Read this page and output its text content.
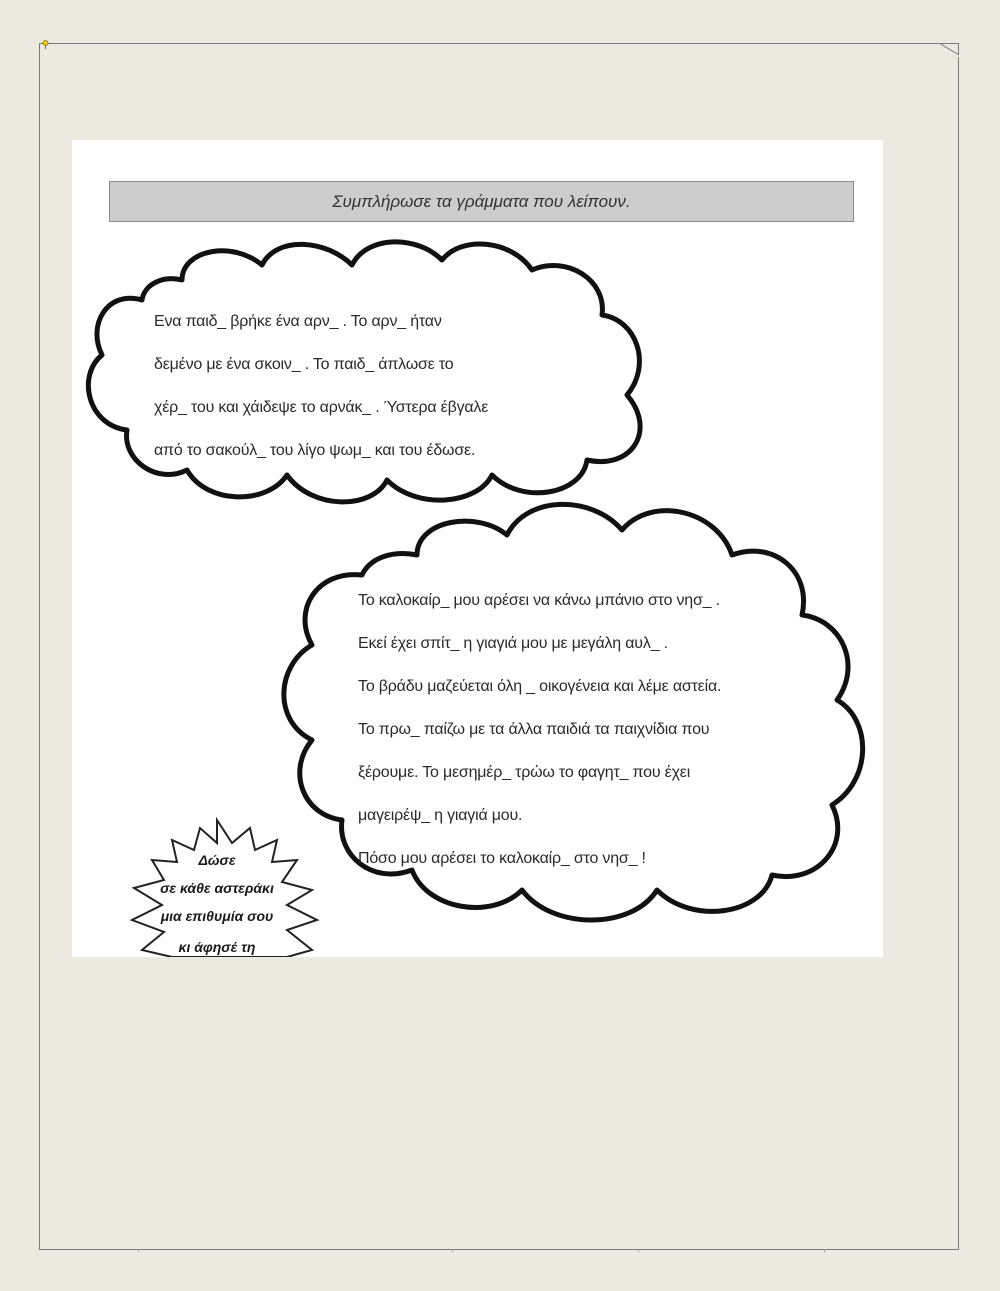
Συμπλήρωσε τα γράμματα που λείπουν.
Ενα παιδ_ βρήκε ένα αρν_ . Το αρν_ ήταν
δεμένο με ένα σκοιν_ . Το παιδ_ άπλωσε το
χέρ_ του και χάιδεψε το αρνάκ_ . Ύστερα έβγαλε
από το σακούλ_ του λίγο ψωμ_ και του έδωσε.
Το καλοκαίρ_ μου αρέσει να κάνω μπάνιο στο νησ_ .
Εκεί έχει σπίτ_ η γιαγιά μου με μεγάλη αυλ_ .
Το βράδυ μαζεύεται όλη _ οικογένεια και λέμε αστεία.
Το πρω_ παίζω με τα άλλα παιδιά τα παιχνίδια που
ξέρουμε. Το μεσημέρ_ τρώω το φαγητ_ που έχει
μαγειρέψ_ η γιαγιά μου.
Πόσο μου αρέσει το καλοκαίρ_ στο νησ_ !
Δώσε
σε κάθε αστεράκι
μια επιθυμία σου
κι άφησέ τη
